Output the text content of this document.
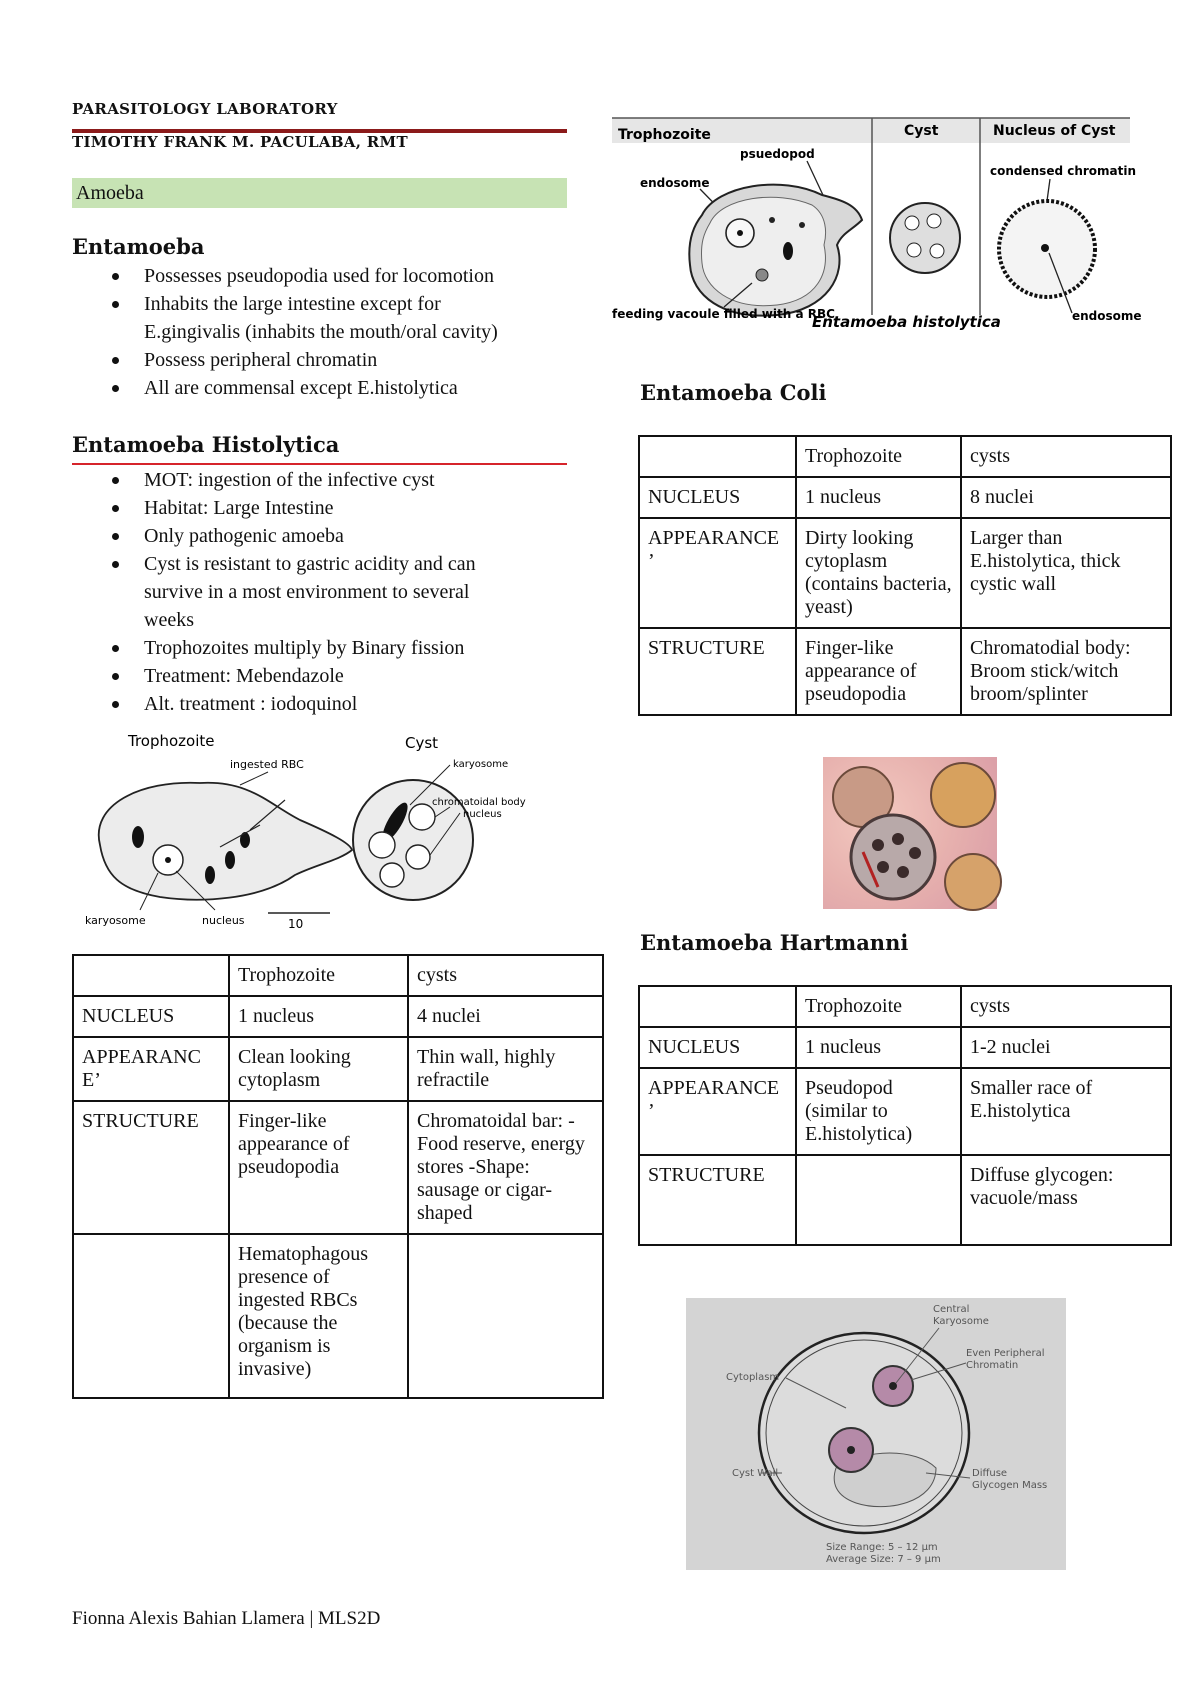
PARASITOLOGY LABORATORY
TIMOTHY FRANK M. PACULABA, RMT
Amoeba
Entamoeba
Possesses pseudopodia used for locomotion
Inhabits the large intestine except for
E.gingivalis (inhabits the mouth/oral cavity)
Possess peripheral chromatin
All are commensal except E.histolytica
Entamoeba Histolytica
MOT: ingestion of the infective cyst
Habitat: Large Intestine
Only pathogenic amoeba
Cyst is resistant to gastric acidity and can
survive in a most environment to several
weeks
Trophozoites multiply by Binary fission
Treatment: Mebendazole
Alt. treatment : iodoquinol
Trophozoite	Cyst
ingested RBC
karyosome	nucleus	10
chromatoidal body
karyosome
nucleus
	Trophozoite	cysts
NUCLEUS	1 nucleus	4 nuclei
APPEARANC E’	Clean looking cytoplasm	Thin wall, highly refractile
STRUCTURE	Finger-like appearance of pseudopodia	Chromatoidal bar: -Food reserve, energy stores -Shape: sausage or cigar-shaped
	Hematophagous presence of ingested RBCs (because the organism is invasive)	
Trophozoite	Cyst	Nucleus of Cyst
psuedopod
endosome
feeding vacoule filled with a RBC
Entamoeba histolytica
condensed chromatin
endosome
Entamoeba Coli
	Trophozoite	cysts
NUCLEUS	1 nucleus	8 nuclei
APPEARANCE ’	Dirty looking cytoplasm (contains bacteria, yeast)	Larger than E.histolytica, thick cystic wall
STRUCTURE	Finger-like appearance of pseudopodia	Chromatodial body: Broom stick/witch broom/splinter
Entamoeba Hartmanni
	Trophozoite	cysts
NUCLEUS	1 nucleus	1-2 nuclei
APPEARANCE ’	Pseudopod (similar to E.histolytica)	Smaller race of E.histolytica
STRUCTURE		Diffuse glycogen: vacuole/mass
Central
Karyosome
Even Peripheral
Chromatin
Cytoplasm
Cyst Wall	Diffuse
Glycogen Mass
Size Range: 5 – 12 µm
Average Size: 7 – 9 µm
Fionna Alexis Bahian Llamera | MLS2D
